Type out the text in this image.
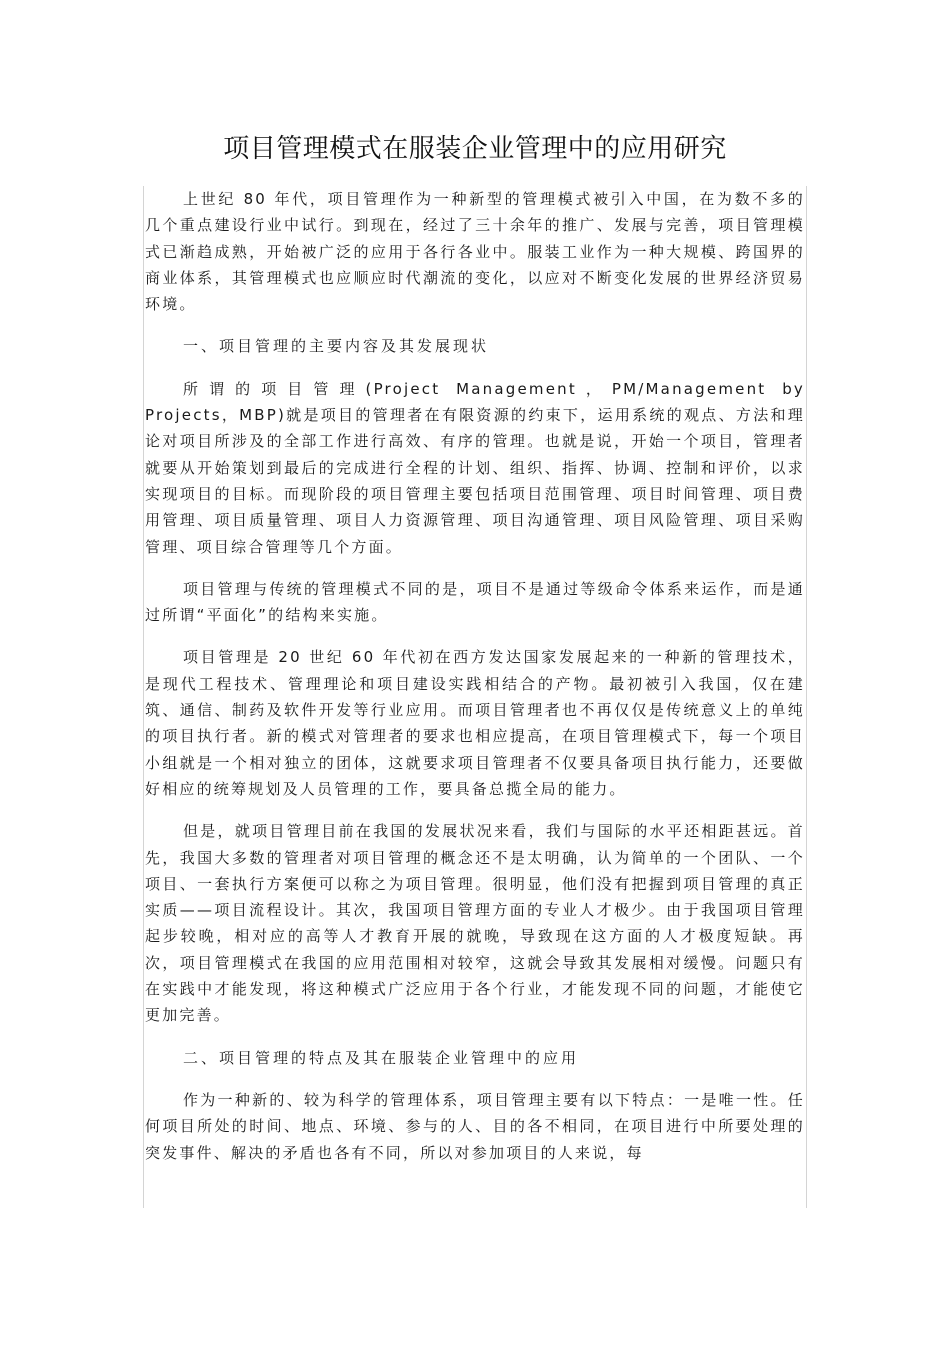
项目管理模式在服装企业管理中的应用研究

上世纪 80 年代，项目管理作为一种新型的管理模式被引入中国，在为数不多的几个重点建设行业中试行。到现在，经过了三十余年的推广、发展与完善，项目管理模式已渐趋成熟，开始被广泛的应用于各行各业中。服装工业作为一种大规模、跨国界的商业体系，其管理模式也应顺应时代潮流的变化，以应对不断变化发展的世界经济贸易环境。

一、项目管理的主要内容及其发展现状

所谓的项目管理(Project Management，PM/Management by Projects，MBP)就是项目的管理者在有限资源的约束下，运用系统的观点、方法和理论对项目所涉及的全部工作进行高效、有序的管理。也就是说，开始一个项目，管理者就要从开始策划到最后的完成进行全程的计划、组织、指挥、协调、控制和评价，以求实现项目的目标。而现阶段的项目管理主要包括项目范围管理、项目时间管理、项目费用管理、项目质量管理、项目人力资源管理、项目沟通管理、项目风险管理、项目采购管理、项目综合管理等几个方面。

项目管理与传统的管理模式不同的是，项目不是通过等级命令体系来运作，而是通过所谓“平面化”的结构来实施。

项目管理是 20 世纪 60 年代初在西方发达国家发展起来的一种新的管理技术，是现代工程技术、管理理论和项目建设实践相结合的产物。最初被引入我国，仅在建筑、通信、制药及软件开发等行业应用。而项目管理者也不再仅仅是传统意义上的单纯的项目执行者。新的模式对管理者的要求也相应提高，在项目管理模式下，每一个项目小组就是一个相对独立的团体，这就要求项目管理者不仅要具备项目执行能力，还要做好相应的统筹规划及人员管理的工作，要具备总揽全局的能力。

但是，就项目管理目前在我国的发展状况来看，我们与国际的水平还相距甚远。首先，我国大多数的管理者对项目管理的概念还不是太明确，认为简单的一个团队、一个项目、一套执行方案便可以称之为项目管理。很明显，他们没有把握到项目管理的真正实质——项目流程设计。其次，我国项目管理方面的专业人才极少。由于我国项目管理起步较晚，相对应的高等人才教育开展的就晚，导致现在这方面的人才极度短缺。再次，项目管理模式在我国的应用范围相对较窄，这就会导致其发展相对缓慢。问题只有在实践中才能发现，将这种模式广泛应用于各个行业，才能发现不同的问题，才能使它更加完善。

二、项目管理的特点及其在服装企业管理中的应用

作为一种新的、较为科学的管理体系，项目管理主要有以下特点：一是唯一性。任何项目所处的时间、地点、环境、参与的人、目的各不相同，在项目进行中所要处理的突发事件、解决的矛盾也各有不同，所以对参加项目的人来说，每
